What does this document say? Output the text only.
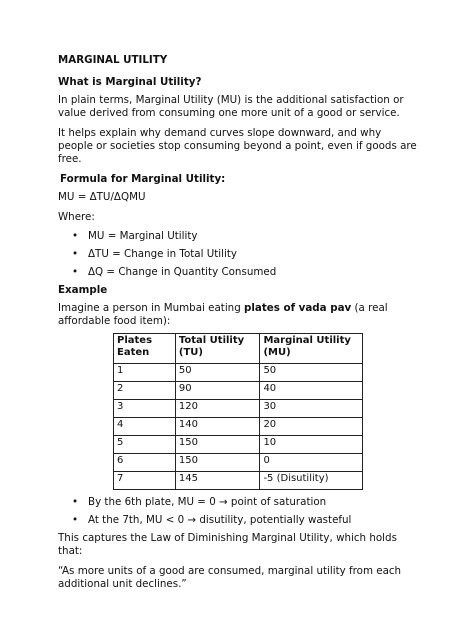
MARGINAL UTILITY

What is Marginal Utility?

In plain terms, Marginal Utility (MU) is the additional satisfaction or value derived from consuming one more unit of a good or service.

It helps explain why demand curves slope downward, and why people or societies stop consuming beyond a point, even if goods are free.

Formula for Marginal Utility:

MU = ΔTU/ΔQMU

Where:

• MU = Marginal Utility
• ΔTU = Change in Total Utility
• ΔQ = Change in Quantity Consumed

Example

Imagine a person in Mumbai eating plates of vada pav (a real affordable food item):

Plates Eaten	Total Utility (TU)	Marginal Utility (MU)
1	50	50
2	90	40
3	120	30
4	140	20
5	150	10
6	150	0
7	145	-5 (Disutility)
• By the 6th plate, MU = 0 → point of saturation
• At the 7th, MU < 0 → disutility, potentially wasteful

This captures the Law of Diminishing Marginal Utility, which holds that:

“As more units of a good are consumed, marginal utility from each additional unit declines.”
